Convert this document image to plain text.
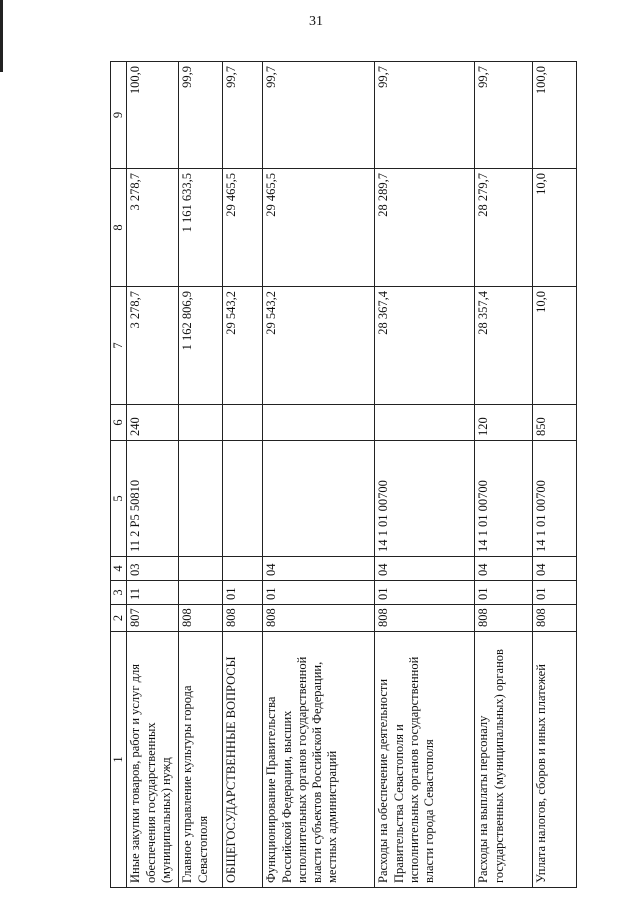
31
1	2	3	4	5	6	7	8	9
Иные закупки товаров, работ и услуг для обеспечения государственных (муниципальных) нужд	807	11	03	11 2 P5 50810	240	3 278,7	3 278,7	100,0
Главное управление культуры города Севастополя	808					1 162 806,9	1 161 633,5	99,9
ОБЩЕГОСУДАРСТВЕННЫЕ ВОПРОСЫ	808	01				29 543,2	29 465,5	99,7
Функционирование Правительства Российской Федерации, высших исполнительных органов государственной власти субъектов Российской Федерации, местных администраций	808	01	04			29 543,2	29 465,5	99,7
Расходы на обеспечение деятельности Правительства Севастополя и исполнительных органов государственной власти города Севастополя	808	01	04	14 1 01 00700		28 367,4	28 289,7	99,7
Расходы на выплаты персоналу государственных (муниципальных) органов	808	01	04	14 1 01 00700	120	28 357,4	28 279,7	99,7
Уплата налогов, сборов и иных платежей	808	01	04	14 1 01 00700	850	10,0	10,0	100,0
